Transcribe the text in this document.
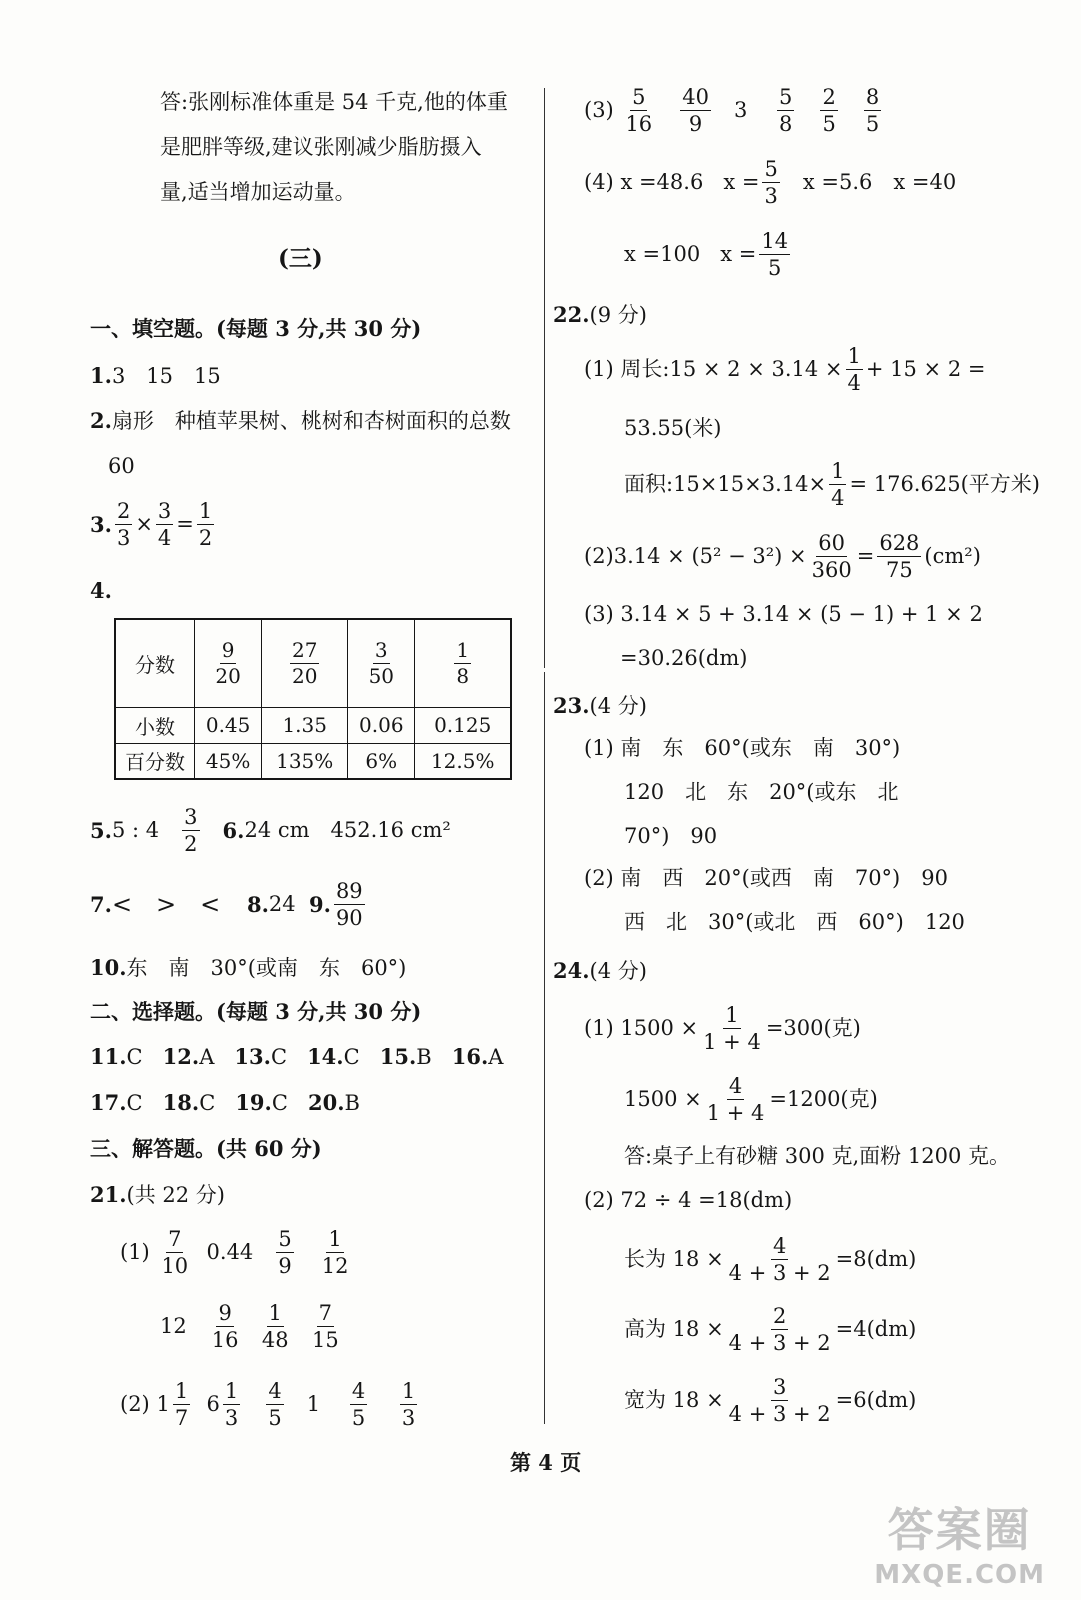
答:张刚标准体重是 54 千克,他的体重
是肥胖等级,建议张刚减少脂肪摄入
量,适当增加运动量。
(三)
一、填空题。(每题 3 分,共 30 分)
1.3　15　15
2.扇形　种植苹果树、桃树和杏树面积的总数
60
3. $\frac{2}{3} \times \frac{3}{4} = \frac{1}{2}$
4.
分数	$\frac{9}{20}$	$\frac{27}{20}$	$\frac{3}{50}$	$\frac{1}{8}$

小数	0.45	1.35	0.06	0.125
百分数	45%	135%	6%	12.5%
5.5 : $4 \frac{3}{2} 6.24$ cm　452.16 cm²
7.<　>　< 8.24 9. $\frac{89}{90}$
10.东　南　30°(或南　东　60°)
二、选择题。(每题 3 分,共 30 分)
11.C 12.A 13.C 14.C 15.B 16.A
17.C 18.C 19.C 20.B
三、解答题。(共 60 分)
21.(共 22 分)
$(1) \frac{7}{10} 0.44 \frac{5}{9}$
$\frac{1}{12}$
$12 \frac{9}{16}$
$\frac{1}{48}$
$\frac{7}{15}$
(2) $1 \frac{1}{7} 6 \frac{1}{3}$
$\frac{4}{5} 1 \frac{4}{5}$
$\frac{1}{3}$
$(3) \frac{5}{16}$
$\frac{40}{9} 3 \frac{5}{8}$
$\frac{2}{5}$
$\frac{8}{5}$
(4) x =48.6 $x = \frac{5}{3}$ x =5.6　x =40
x =100 $x = \frac{14}{5}$
22.(9 分)
(1) 周长:15 × $2 \times 3.14 \times \frac{1}{4} + 15 \times 2$ =
53.55(米)
面积:15×15×3.14× $\frac{1}{4} = 176.625$(平方米)
$(2)3.14 \times (5^2 - 3^2) \times \frac{60}{360} = \frac{628}{75} (cm^2)$
(3) 3.14 × 5 + 3.14 × (5 − 1) + 1 × 2
=30.26(dm)
23.(4 分)
(1) 南　东　60°(或东　南　30°)
120　北　东　20°(或东　北
70°)　90
(2) 南　西　20°(或西　南　70°)　90
西　北　30°(或北　西　60°)　120
24.(4 分)
(1) $1500 \times \frac{1}{1 + 4} =300$(克)
$1500 \times \frac{4}{1 + 4} =1200$(克)
答:桌子上有砂糖 300 克,面粉 1200 克。
(2) 72 ÷ 4 =18(dm)
长为 $18 \times \frac{4}{4 + 3 + 2} =8(dm)$
高为 $18 \times \frac{2}{4 + 3 + 2} =4(dm)$
宽为 $18 \times \frac{3}{4 + 3 + 2} =6(dm)$
第 4 页
答案圈
MXQE.COM
